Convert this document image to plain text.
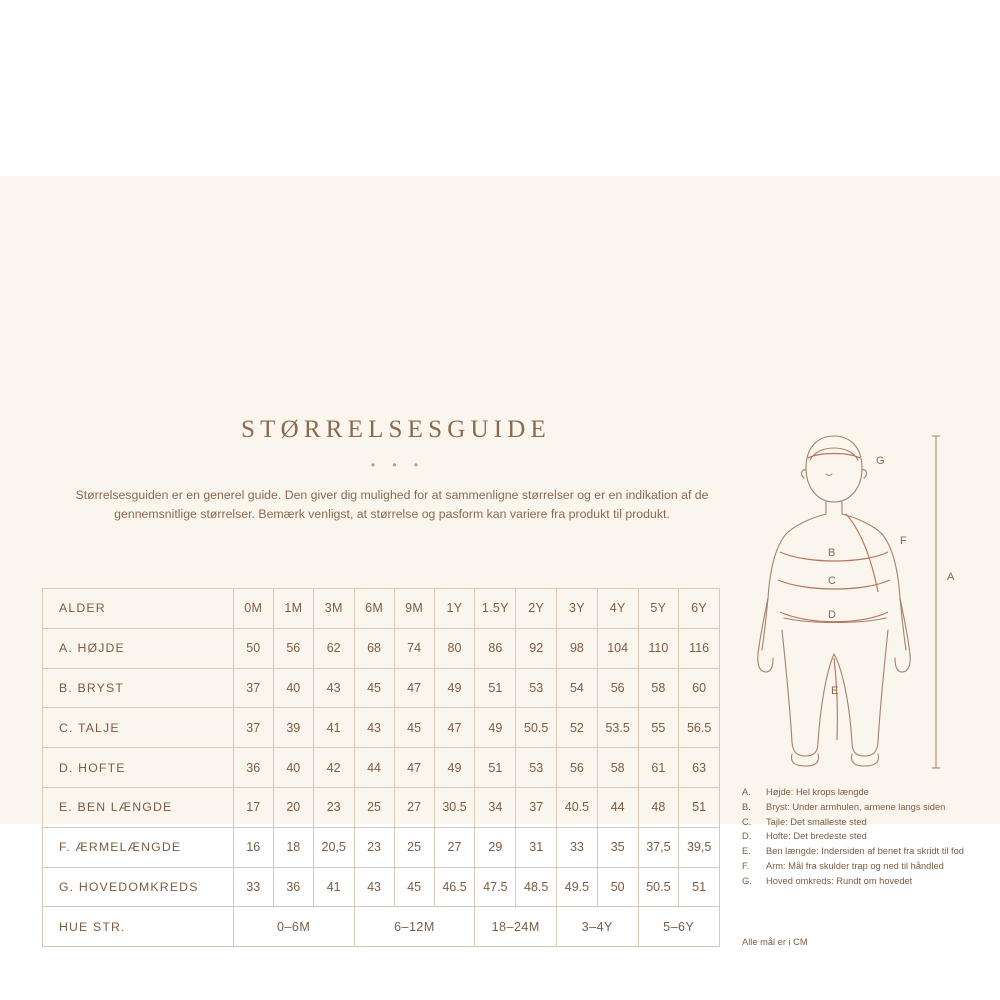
STØRRELSESGUIDE
• • •
Størrelsesguiden er en generel guide. Den giver dig mulighed for at sammenligne størrelser og er en indikation af de gennemsnitlige størrelser. Bemærk venligst, at størrelse og pasform kan variere fra produkt til produkt.
ALDER	0M	1M	3M	6M	9M	1Y	1.5Y	2Y	3Y	4Y	5Y	6Y
A. HØJDE	50	56	62	68	74	80	86	92	98	104	110	116
B. BRYST	37	40	43	45	47	49	51	53	54	56	58	60
C. TALJE	37	39	41	43	45	47	49	50.5	52	53.5	55	56.5
D. HOFTE	36	40	42	44	47	49	51	53	56	58	61	63
E. BEN LÆNGDE	17	20	23	25	27	30.5	34	37	40.5	44	48	51
F. ÆRMELÆNGDE	16	18	20,5	23	25	27	29	31	33	35	37,5	39,5
G. HOVEDOMKREDS	33	36	41	43	45	46.5	47.5	48.5	49.5	50	50.5	51
HUE STR.	0–6M			6–12M			18–24M		3–4Y		5–6Y	
G
F
A
B
C
D
E
A.	Højde: Hel krops længde
B.	Bryst: Under armhulen, armene langs siden
C.	Tajle: Det smalleste sted
D.	Hofte: Det bredeste sted
E.	Ben længde: Indersiden af benet fra skridt til fod
F.	Arm: Mål fra skulder trap og ned til håndled
G.	Hoved omkreds: Rundt om hovedet
Alle mål er i CM
